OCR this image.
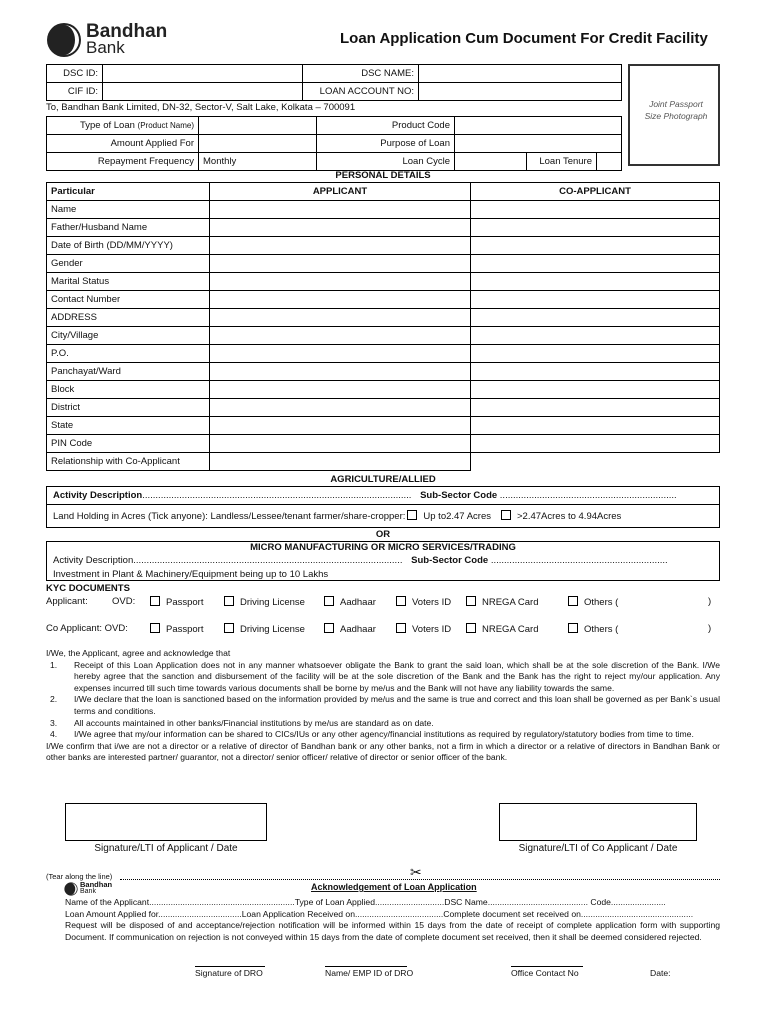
Bandhan
Bank	Loan Application Cum Document For Credit Facility
DSC ID:		DSC NAME:	
CIF ID:		LOAN ACCOUNT NO:	
To, Bandhan Bank Limited, DN-32, Sector-V, Salt Lake, Kolkata – 700091	Joint Passport Size Photograph
Type of Loan (Product Name)		Product Code			
Amount Applied For		Purpose of Loan			
Repayment Frequency	Monthly	Loan Cycle		Loan Tenure	
PERSONAL DETAILS
Particular	APPLICANT	CO-APPLICANT
Name		
Father/Husband Name		
Date of Birth (DD/MM/YYYY)		
Gender		
Marital Status		
Contact Number		
ADDRESS		
City/Village		
P.O.		
Panchayat/Ward		
Block		
District		
State		
PIN Code		
Relationship with Co-Applicant		
AGRICULTURE/ALLIED
Activity Description...................................................................................................... Sub-Sector Code ...................................................................
Land Holding in Acres (Tick anyone): Landless/Lessee/tenant farmer/share-cropper: Up to2.47 Acres	>2.47Acres to 4.94Acres
OR
MICRO MANUFACTURING OR MICRO SERVICES/TRADING
Activity Description...................................................................................................... Sub-Sector Code ...................................................................
Investment in Plant & Machinery/Equipment being up to 10 Lakhs
KYC DOCUMENTS
Applicant:	OVD:	Passport	Driving License	Aadhaar	Voters ID	NREGA Card	Others (	)
Co Applicant: OVD:	Passport	Driving License	Aadhaar	Voters ID	NREGA Card	Others (	)
I/We, the Applicant, agree and acknowledge that
1.	Receipt of this Loan Application does not in any manner whatsoever obligate the Bank to grant the said loan, which shall be at the sole discretion of the Bank. I/We hereby agree that the sanction and disbursement of the facility will be at the sole discretion of the Bank and the Bank has the right to reject my/our application. Any expenses incurred till such time towards various documents shall be borne by me/us and the Bank will not have any liability towards the same.
2.	I/We declare that the loan is sanctioned based on the information provided by me/us and the same is true and correct and this loan shall be governed as per Bank`s usual terms and conditions.
3.	All accounts maintained in other banks/Financial institutions by me/us are standard as on date.
4.	I/We agree that my/our information can be shared to CICs/IUs or any other agency/financial institutions as required by regulatory/statutory bodies from time to time.
I/We confirm that i/we are not a director or a relative of director of Bandhan bank or any other banks, not a firm in which a director or a relative of directors in Bandhan Bank or other banks are interested partner/ guarantor, not a director/ senior officer/ relative of director or senior officer of the bank.
Signature/LTI of Applicant / Date	Signature/LTI of Co Applicant / Date
(Tear along the line)	✂
Bandhan
Bank	Acknowledgement of Loan Application
Name of the Applicant.............................................................Type of Loan Applied.............................DSC Name.......................................... Code.......................
Loan Amount Applied for...................................Loan Application Received on.....................................Complete document set received on...............................................
Request will be disposed of and acceptance/rejection notification will be informed within 15 days from the date of receipt of complete application form with supporting Document. If communication on rejection is not conveyed within 15 days from the date of complete document set received, then it shall be deemed considered rejected.
Signature of DRO	Name/ EMP ID of DRO	Office Contact No	Date:
